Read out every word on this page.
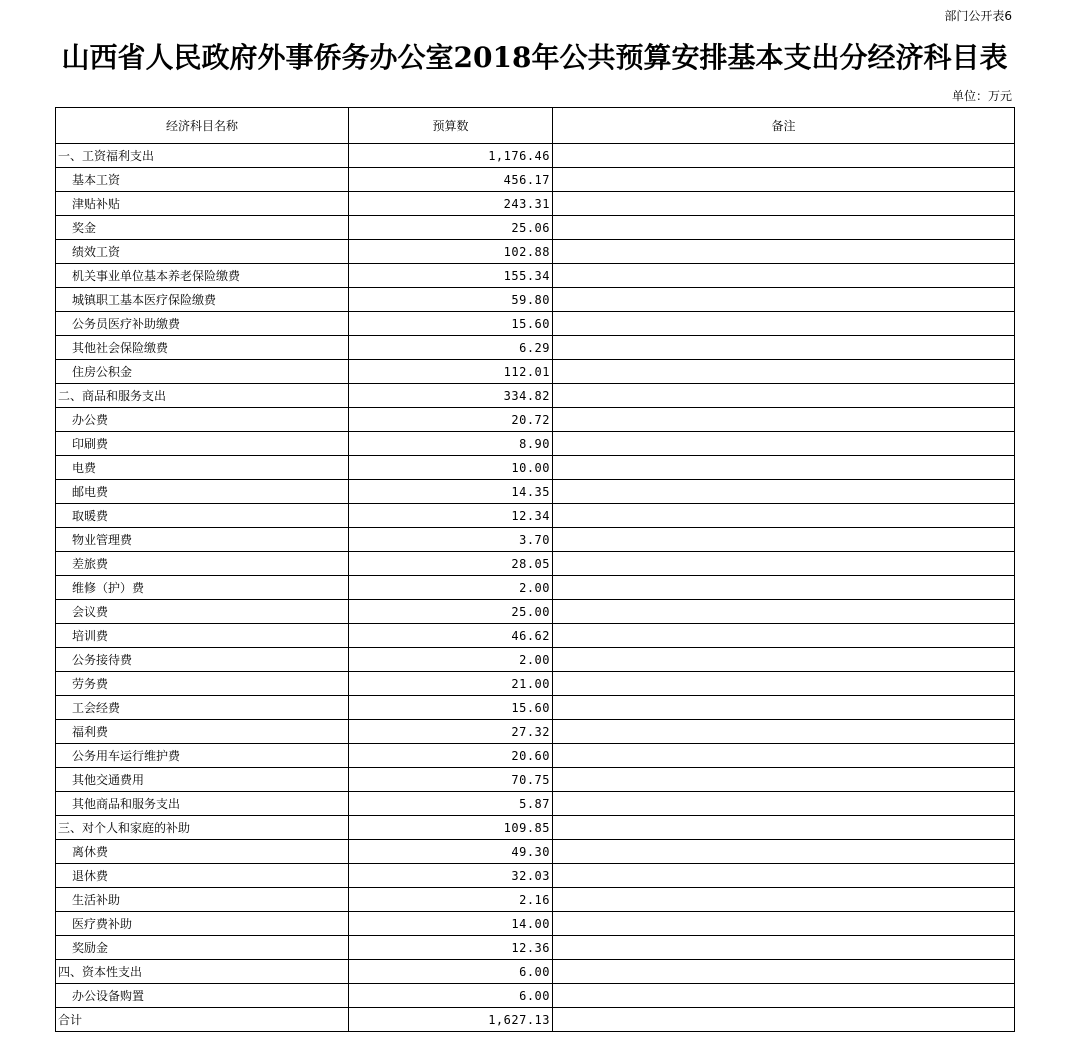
部门公开表6
山西省人民政府外事侨务办公室2018年公共预算安排基本支出分经济科目表
单位：万元
经济科目名称	预算数	备注
一、工资福利支出	1,176.46	
基本工资	456.17	
津贴补贴	243.31	
奖金	25.06	
绩效工资	102.88	
机关事业单位基本养老保险缴费	155.34	
城镇职工基本医疗保险缴费	59.80	
公务员医疗补助缴费	15.60	
其他社会保险缴费	6.29	
住房公积金	112.01	
二、商品和服务支出	334.82	
办公费	20.72	
印刷费	8.90	
电费	10.00	
邮电费	14.35	
取暖费	12.34	
物业管理费	3.70	
差旅费	28.05	
维修（护）费	2.00	
会议费	25.00	
培训费	46.62	
公务接待费	2.00	
劳务费	21.00	
工会经费	15.60	
福利费	27.32	
公务用车运行维护费	20.60	
其他交通费用	70.75	
其他商品和服务支出	5.87	
三、对个人和家庭的补助	109.85	
离休费	49.30	
退休费	32.03	
生活补助	2.16	
医疗费补助	14.00	
奖励金	12.36	
四、资本性支出	6.00	
办公设备购置	6.00	
合计	1,627.13	
